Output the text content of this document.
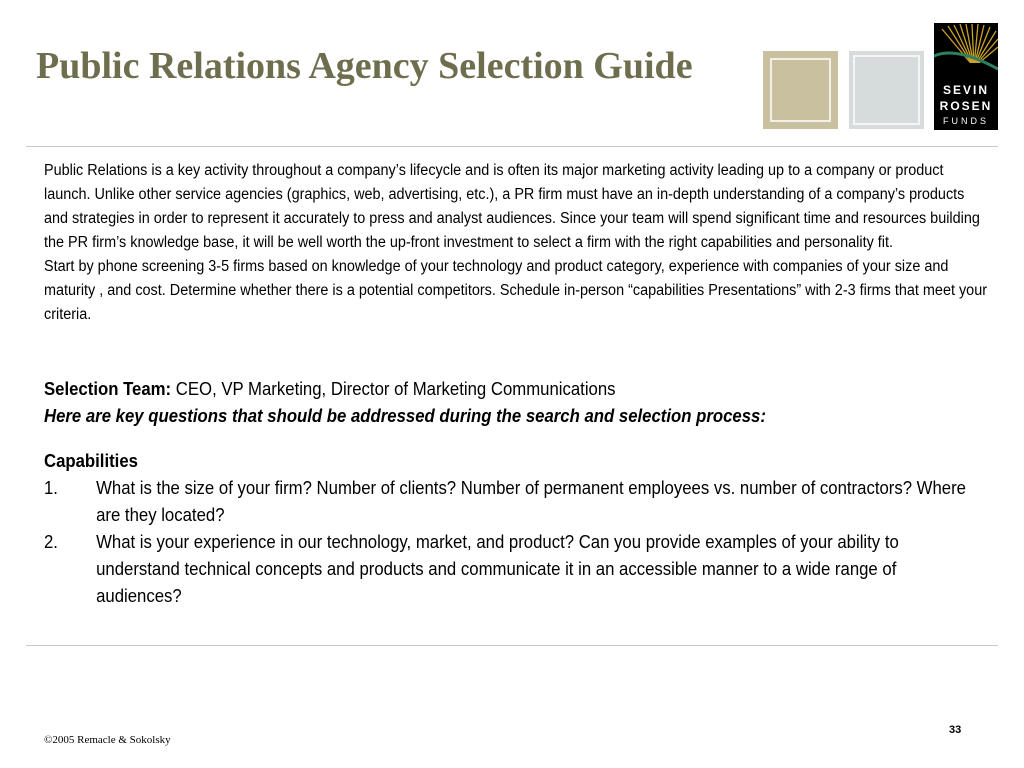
Public Relations Agency Selection Guide
SEVIN
ROSEN
FUNDS

Public Relations is a key activity throughout a company’s lifecycle and is often its major marketing activity leading up to a company or product launch. Unlike other service agencies (graphics, web, advertising, etc.), a PR firm must have an in-depth understanding of a company’s products and strategies in order to represent it accurately to press and analyst audiences. Since your team will spend significant time and resources building the PR firm’s knowledge base, it will be well worth the up-front investment to select a firm with the right capabilities and personality fit.

Start by phone screening 3-5 firms based on knowledge of your technology and product category, experience with companies of your size and maturity , and cost. Determine whether there is a potential competitors. Schedule in-person “capabilities Presentations” with 2-3 firms that meet your criteria.

Selection Team: CEO, VP Marketing, Director of Marketing Communications

Here are key questions that should be addressed during the search and selection process:

Capabilities
1. What is the size of your firm? Number of clients? Number of permanent employees vs. number of contractors? Where are they located?
2. What is your experience in our technology, market, and product? Can you provide examples of your ability to understand technical concepts and products and communicate it in an accessible manner to a wide range of audiences?
©2005 Remacle & Sokolsky
33
